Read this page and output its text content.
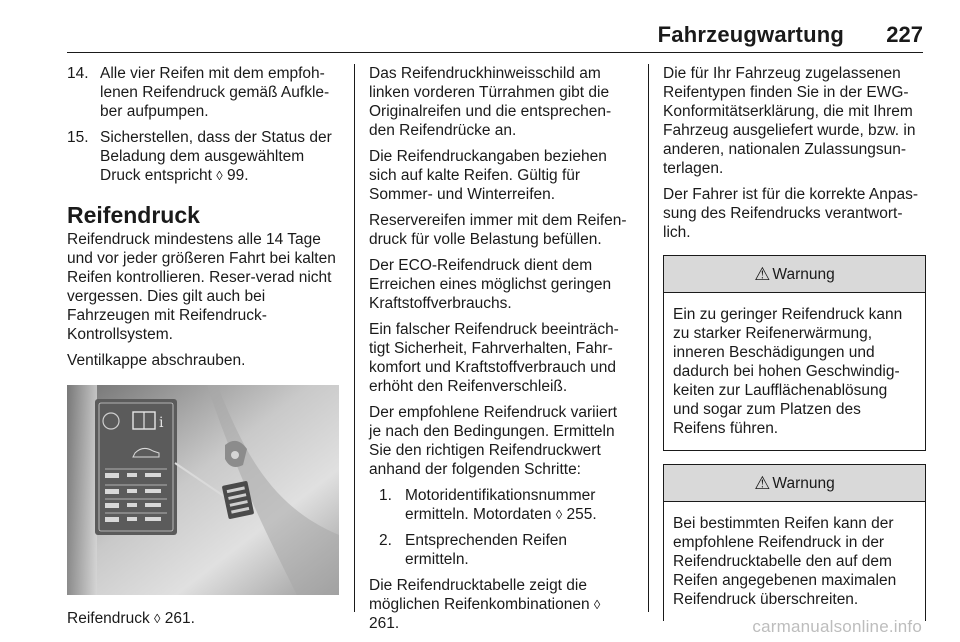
Fahrzeugwartung 227
14. Alle vier Reifen mit dem empfoh-lenen Reifendruck gemäß Aufkle-ber aufpumpen.
15. Sicherstellen, dass der Status der Beladung dem ausgewähltem Druck entspricht ◊ 99.
Reifendruck

Reifendruck mindestens alle 14 Tage und vor jeder größeren Fahrt bei kalten Reifen kontrollieren. Reser-verad nicht vergessen. Dies gilt auch bei Fahrzeugen mit Reifendruck-Kontrollsystem.

Ventilkappe abschrauben.

i
Reifendruck ◊ 261.

Das Reifendruckhinweisschild am linken vorderen Türrahmen gibt die Originalreifen und die entsprechen-den Reifendrücke an.

Die Reifendruckangaben beziehen sich auf kalte Reifen. Gültig für Sommer- und Winterreifen.

Reservereifen immer mit dem Reifen-druck für volle Belastung befüllen.

Der ECO-Reifendruck dient dem Erreichen eines möglichst geringen Kraftstoffverbrauchs.

Ein falscher Reifendruck beeinträch-tigt Sicherheit, Fahrverhalten, Fahr-komfort und Kraftstoffverbrauch und erhöht den Reifenverschleiß.

Der empfohlene Reifendruck variiert je nach den Bedingungen. Ermitteln Sie den richtigen Reifendruckwert anhand der folgenden Schritte:

1. Motoridentifikationsnummer ermitteln. Motordaten ◊ 255.
2. Entsprechenden Reifen ermitteln.

Die Reifendrucktabelle zeigt die möglichen Reifenkombinationen ◊ 261.

Die für Ihr Fahrzeug zugelassenen Reifentypen finden Sie in der EWG-Konformitätserklärung, die mit Ihrem Fahrzeug ausgeliefert wurde, bzw. in anderen, nationalen Zulassungsun-terlagen.

Der Fahrer ist für die korrekte Anpas-sung des Reifendrucks verantwort-lich.

⚠ Warnung
Ein zu geringer Reifendruck kann zu starker Reifenerwärmung, inneren Beschädigungen und dadurch bei hohen Geschwindig-keiten zur Laufflächenablösung und sogar zum Platzen des Reifens führen.
⚠ Warnung
Bei bestimmten Reifen kann der empfohlene Reifendruck in der Reifendrucktabelle den auf dem Reifen angegebenen maximalen Reifendruck überschreiten.
carmanualsonline.info
